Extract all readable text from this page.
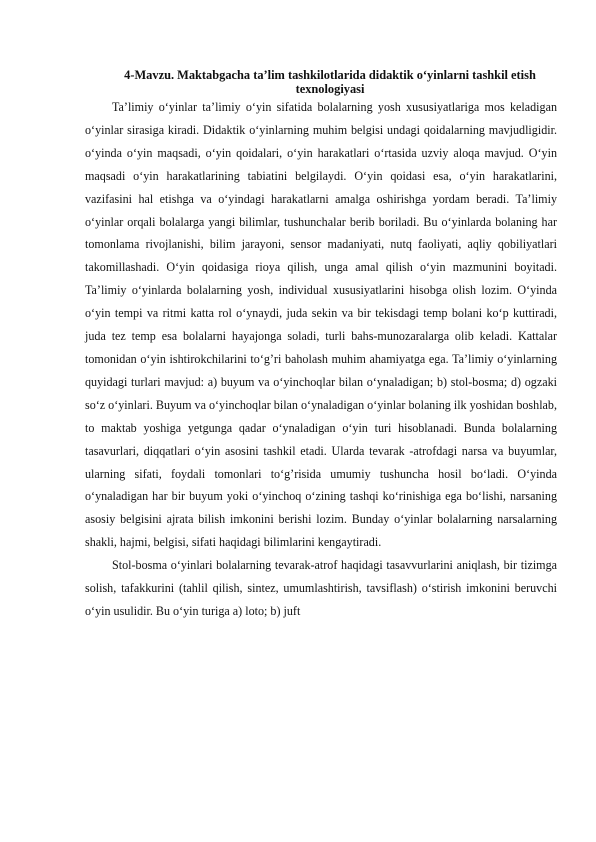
4-Mavzu. Maktabgacha ta’lim tashkilotlarida didaktik o‘yinlarni tashkil etish texnologiyasi

Ta’limiy o‘yinlar ta’limiy o‘yin sifatida bolalarning yosh xususiyatlariga mos keladigan o‘yinlar sirasiga kiradi. Didaktik o‘yinlarning muhim belgisi undagi qoidalarning mavjudligidir. o‘yinda o‘yin maqsadi, o‘yin qoidalari, o‘yin harakatlari o‘rtasida uzviy aloqa mavjud. O‘yin maqsadi o‘yin harakatlarining tabiatini belgilaydi. O‘yin qoidasi esa, o‘yin harakatlarini, vazifasini hal etishga va o‘yindagi harakatlarni amalga oshirishga yordam beradi. Ta’limiy o‘yinlar orqali bolalarga yangi bilimlar, tushunchalar berib boriladi. Bu o‘yinlarda bolaning har tomonlama rivojlanishi, bilim jarayoni, sensor madaniyati, nutq faoliyati, aqliy qobiliyatlari takomillashadi. O‘yin qoidasiga rioya qilish, unga amal qilish o‘yin mazmunini boyitadi. Ta’limiy o‘yinlarda bolalarning yosh, individual xususiyatlarini hisobga olish lozim. O‘yinda o‘yin tempi va ritmi katta rol o‘ynaydi, juda sekin va bir tekisdagi temp bolani ko‘p kuttiradi, juda tez temp esa bolalarni hayajonga soladi, turli bahs-munozaralarga olib keladi. Kattalar tomonidan o‘yin ishtirokchilarini to‘g’ri baholash muhim ahamiyatga ega. Ta’limiy o‘yinlarning quyidagi turlari mavjud: a) buyum va o‘yinchoqlar bilan o‘ynaladigan; b) stol-bosma; d) ogzaki so‘z o‘yinlari. Buyum va o‘yinchoqlar bilan o‘ynaladigan o‘yinlar bolaning ilk yoshidan boshlab, to maktab yoshiga yetgunga qadar o‘ynaladigan o‘yin turi hisoblanadi. Bunda bolalarning tasavurlari, diqqatlari o‘yin asosini tashkil etadi. Ularda tevarak -atrofdagi narsa va buyumlar, ularning sifati, foydali tomonlari to‘g’risida umumiy tushuncha hosil bo‘ladi. O‘yinda o‘ynaladigan har bir buyum yoki o‘yinchoq o‘zining tashqi ko‘rinishiga ega bo‘lishi, narsaning asosiy belgisini ajrata bilish imkonini berishi lozim. Bunday o‘yinlar bolalarning narsalarning shakli, hajmi, belgisi, sifati haqidagi bilimlarini kengaytiradi.

Stol-bosma o‘yinlari bolalarning tevarak-atrof haqidagi tasavvurlarini aniqlash, bir tizimga solish, tafakkurini (tahlil qilish, sintez, umumlashtirish, tavsiflash) o‘stirish imkonini beruvchi o‘yin usulidir. Bu o‘yin turiga a) loto; b) juft
